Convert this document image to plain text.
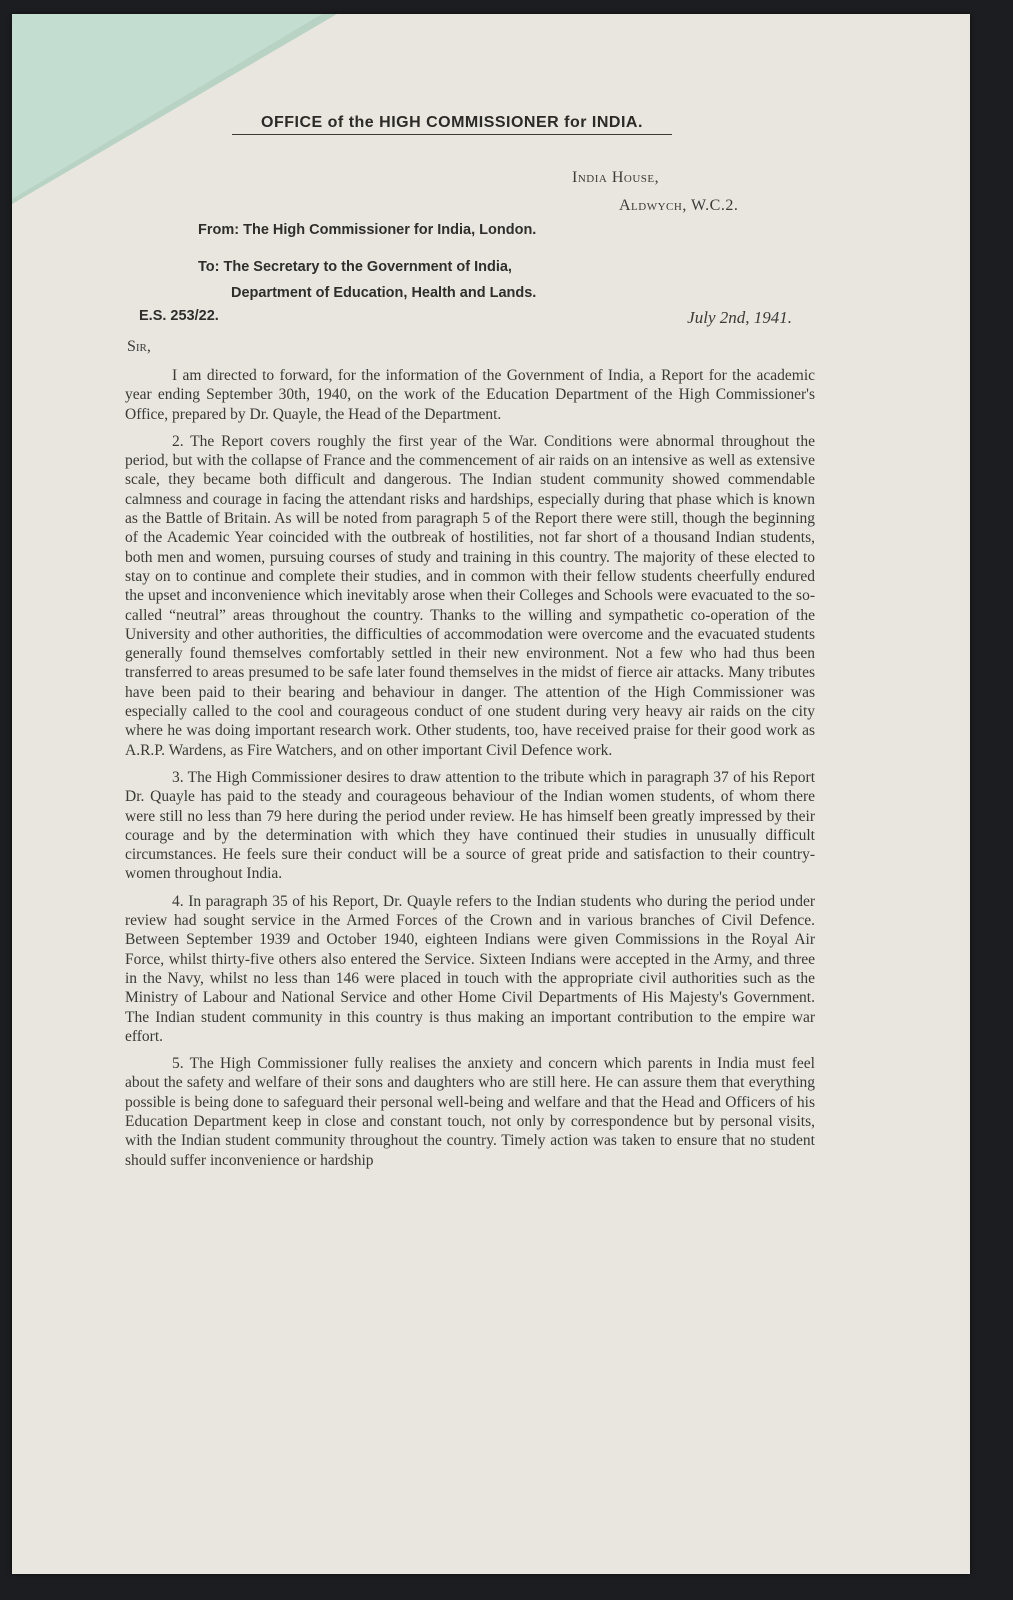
OFFICE of the HIGH COMMISSIONER for INDIA.
India House,
Aldwych, W.C.2.
From: The High Commissioner for India, London.
To: The Secretary to the Government of India,
Department of Education, Health and Lands.
E.S. 253/22.	July 2nd, 1941.
Sir,

I am directed to forward, for the information of the Government of India, a Report for the academic year ending September 30th, 1940, on the work of the Education Department of the High Commissioner's Office, prepared by Dr. Quayle, the Head of the Department.

2. The Report covers roughly the first year of the War. Conditions were abnormal throughout the period, but with the collapse of France and the commencement of air raids on an intensive as well as extensive scale, they became both difficult and dangerous. The Indian student community showed commendable calmness and courage in facing the attendant risks and hardships, especially during that phase which is known as the Battle of Britain. As will be noted from paragraph 5 of the Report there were still, though the beginning of the Academic Year coincided with the outbreak of hostilities, not far short of a thousand Indian students, both men and women, pursuing courses of study and training in this country. The majority of these elected to stay on to continue and complete their studies, and in common with their fellow students cheerfully endured the upset and inconvenience which inevitably arose when their Colleges and Schools were evacuated to the so-called “neutral” areas throughout the country. Thanks to the willing and sympathetic co-operation of the University and other authorities, the difficulties of accommodation were overcome and the evacuated students generally found themselves comfortably settled in their new environment. Not a few who had thus been transferred to areas presumed to be safe later found themselves in the midst of fierce air attacks. Many tributes have been paid to their bearing and behaviour in danger. The attention of the High Commissioner was especially called to the cool and courageous conduct of one student during very heavy air raids on the city where he was doing important research work. Other students, too, have received praise for their good work as A.R.P. Wardens, as Fire Watchers, and on other important Civil Defence work.

3. The High Commissioner desires to draw attention to the tribute which in paragraph 37 of his Report Dr. Quayle has paid to the steady and courageous behaviour of the Indian women students, of whom there were still no less than 79 here during the period under review. He has himself been greatly impressed by their courage and by the determination with which they have continued their studies in unusually difficult circumstances. He feels sure their conduct will be a source of great pride and satisfaction to their country-women throughout India.

4. In paragraph 35 of his Report, Dr. Quayle refers to the Indian students who during the period under review had sought service in the Armed Forces of the Crown and in various branches of Civil Defence. Between September 1939 and October 1940, eighteen Indians were given Commissions in the Royal Air Force, whilst thirty-five others also entered the Service. Sixteen Indians were accepted in the Army, and three in the Navy, whilst no less than 146 were placed in touch with the appropriate civil authorities such as the Ministry of Labour and National Service and other Home Civil Departments of His Majesty's Government. The Indian student community in this country is thus making an important contribution to the empire war effort.

5. The High Commissioner fully realises the anxiety and concern which parents in India must feel about the safety and welfare of their sons and daughters who are still here. He can assure them that everything possible is being done to safeguard their personal well-being and welfare and that the Head and Officers of his Education Department keep in close and constant touch, not only by correspondence but by personal visits, with the Indian student community throughout the country. Timely action was taken to ensure that no student should suffer inconvenience or hardship
